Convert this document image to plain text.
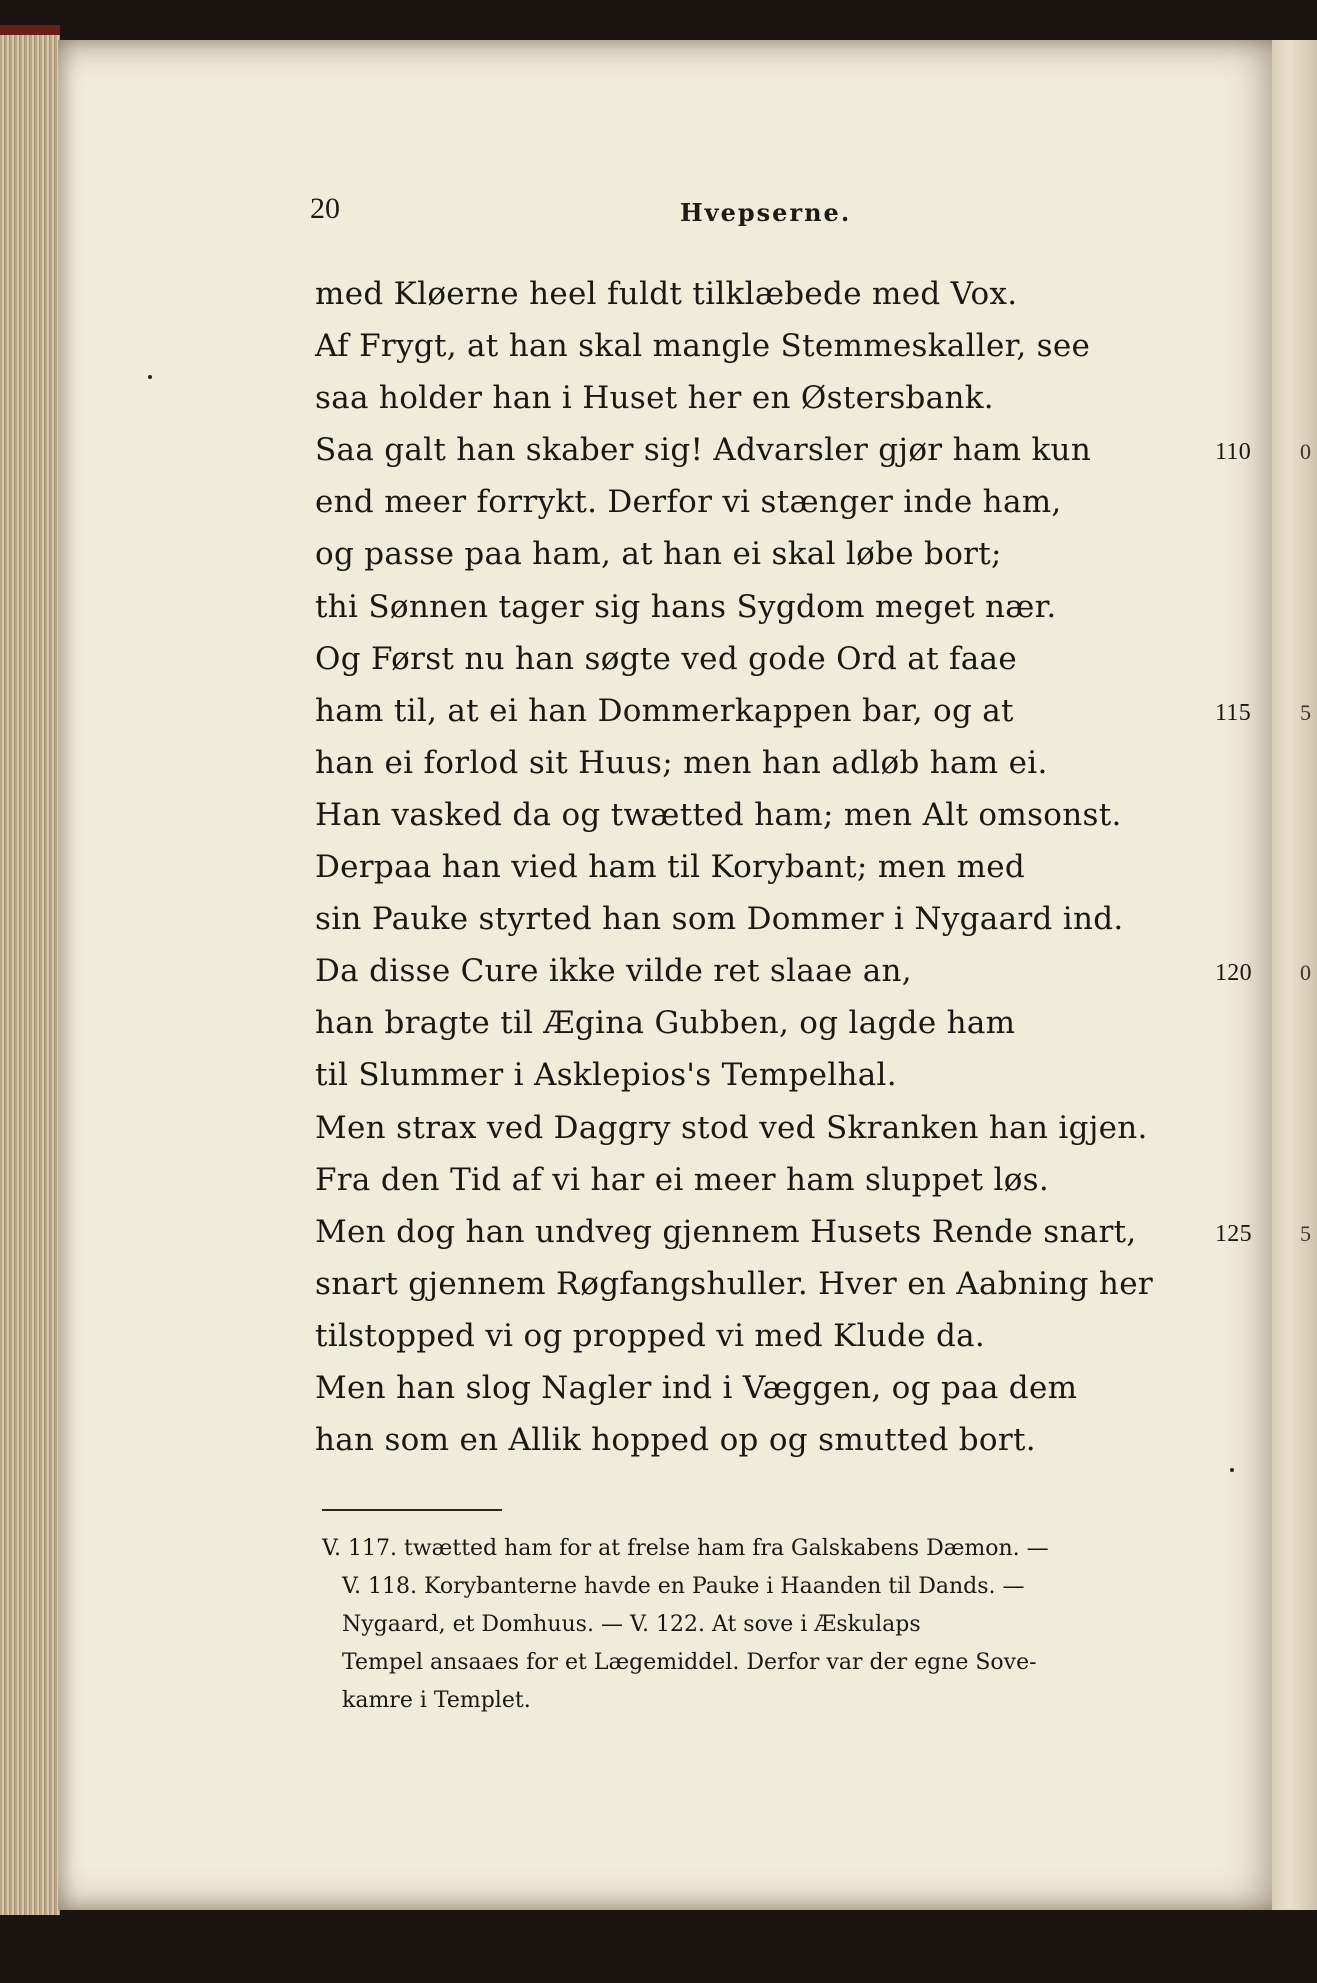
20	Hvepserne.
med Kløerne heel fuldt tilklæbede med Vox.
Af Frygt, at han skal mangle Stemmeskaller, see
saa holder han i Huset her en Østersbank.
Saa galt han skaber sig! Advarsler gjør ham kun	110 0
end meer forrykt. Derfor vi stænger inde ham,
og passe paa ham, at han ei skal løbe bort;
thi Sønnen tager sig hans Sygdom meget nær.
Og Først nu han søgte ved gode Ord at faae
ham til, at ei han Dommerkappen bar, og at	115 5
han ei forlod sit Huus; men han adløb ham ei.
Han vasked da og twætted ham; men Alt omsonst.
Derpaa han vied ham til Korybant; men med
sin Pauke styrted han som Dommer i Nygaard ind.
Da disse Cure ikke vilde ret slaae an,	120 0
han bragte til Ægina Gubben, og lagde ham
til Slummer i Asklepios's Tempelhal.
Men strax ved Daggry stod ved Skranken han igjen.
Fra den Tid af vi har ei meer ham sluppet løs.
Men dog han undveg gjennem Husets Rende snart,	125 5
snart gjennem Røgfangshuller. Hver en Aabning her
tilstopped vi og propped vi med Klude da.
Men han slog Nagler ind i Væggen, og paa dem
han som en Allik hopped op og smutted bort.
V. 117. twætted ham for at frelse ham fra Galskabens Dæmon. —
V. 118. Korybanterne havde en Pauke i Haanden til Dands. —
Nygaard, et Domhuus. — V. 122. At sove i Æskulaps
Tempel ansaaes for et Lægemiddel. Derfor var der egne Sove-
kamre i Templet.
